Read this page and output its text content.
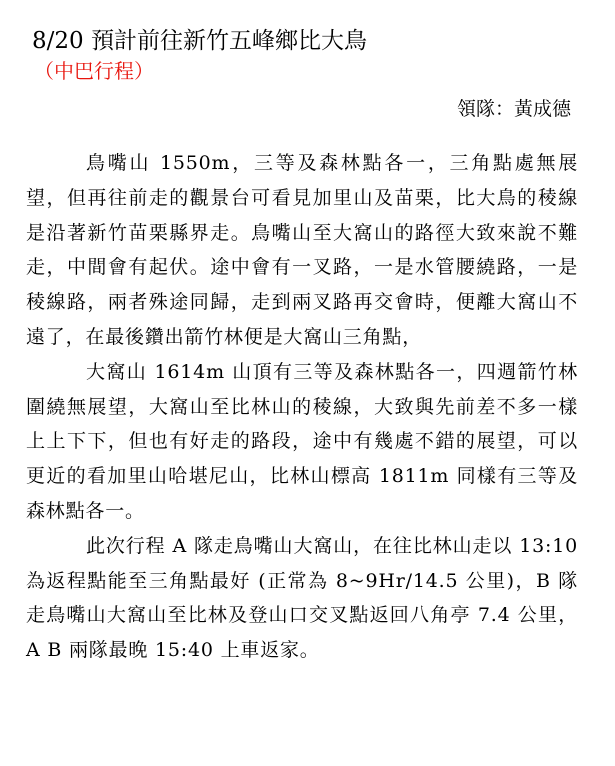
8/20 預計前往新竹五峰鄉比大鳥
（中巴行程）
領隊：黃成德

鳥嘴山 1550m，三等及森林點各一，三角點處無展望，但再往前走的觀景台可看見加里山及苗栗，比大鳥的稜線是沿著新竹苗栗縣界走。鳥嘴山至大窩山的路徑大致來說不難走，中間會有起伏。途中會有一叉路，一是水管腰繞路，一是稜線路，兩者殊途同歸，走到兩叉路再交會時，便離大窩山不遠了，在最後鑽出箭竹林便是大窩山三角點，

大窩山 1614m 山頂有三等及森林點各一，四週箭竹林圍繞無展望，大窩山至比林山的稜線，大致與先前差不多一樣上上下下，但也有好走的路段，途中有幾處不錯的展望，可以更近的看加里山哈堪尼山，比林山標高 1811m 同樣有三等及森林點各一。

此次行程 A 隊走鳥嘴山大窩山，在往比林山走以 13:10 為返程點能至三角點最好 (正常為 8~9Hr/14.5 公里)，B 隊走鳥嘴山大窩山至比林及登山口交叉點返回八角亭 7.4 公里，A B 兩隊最晚 15:40 上車返家。
